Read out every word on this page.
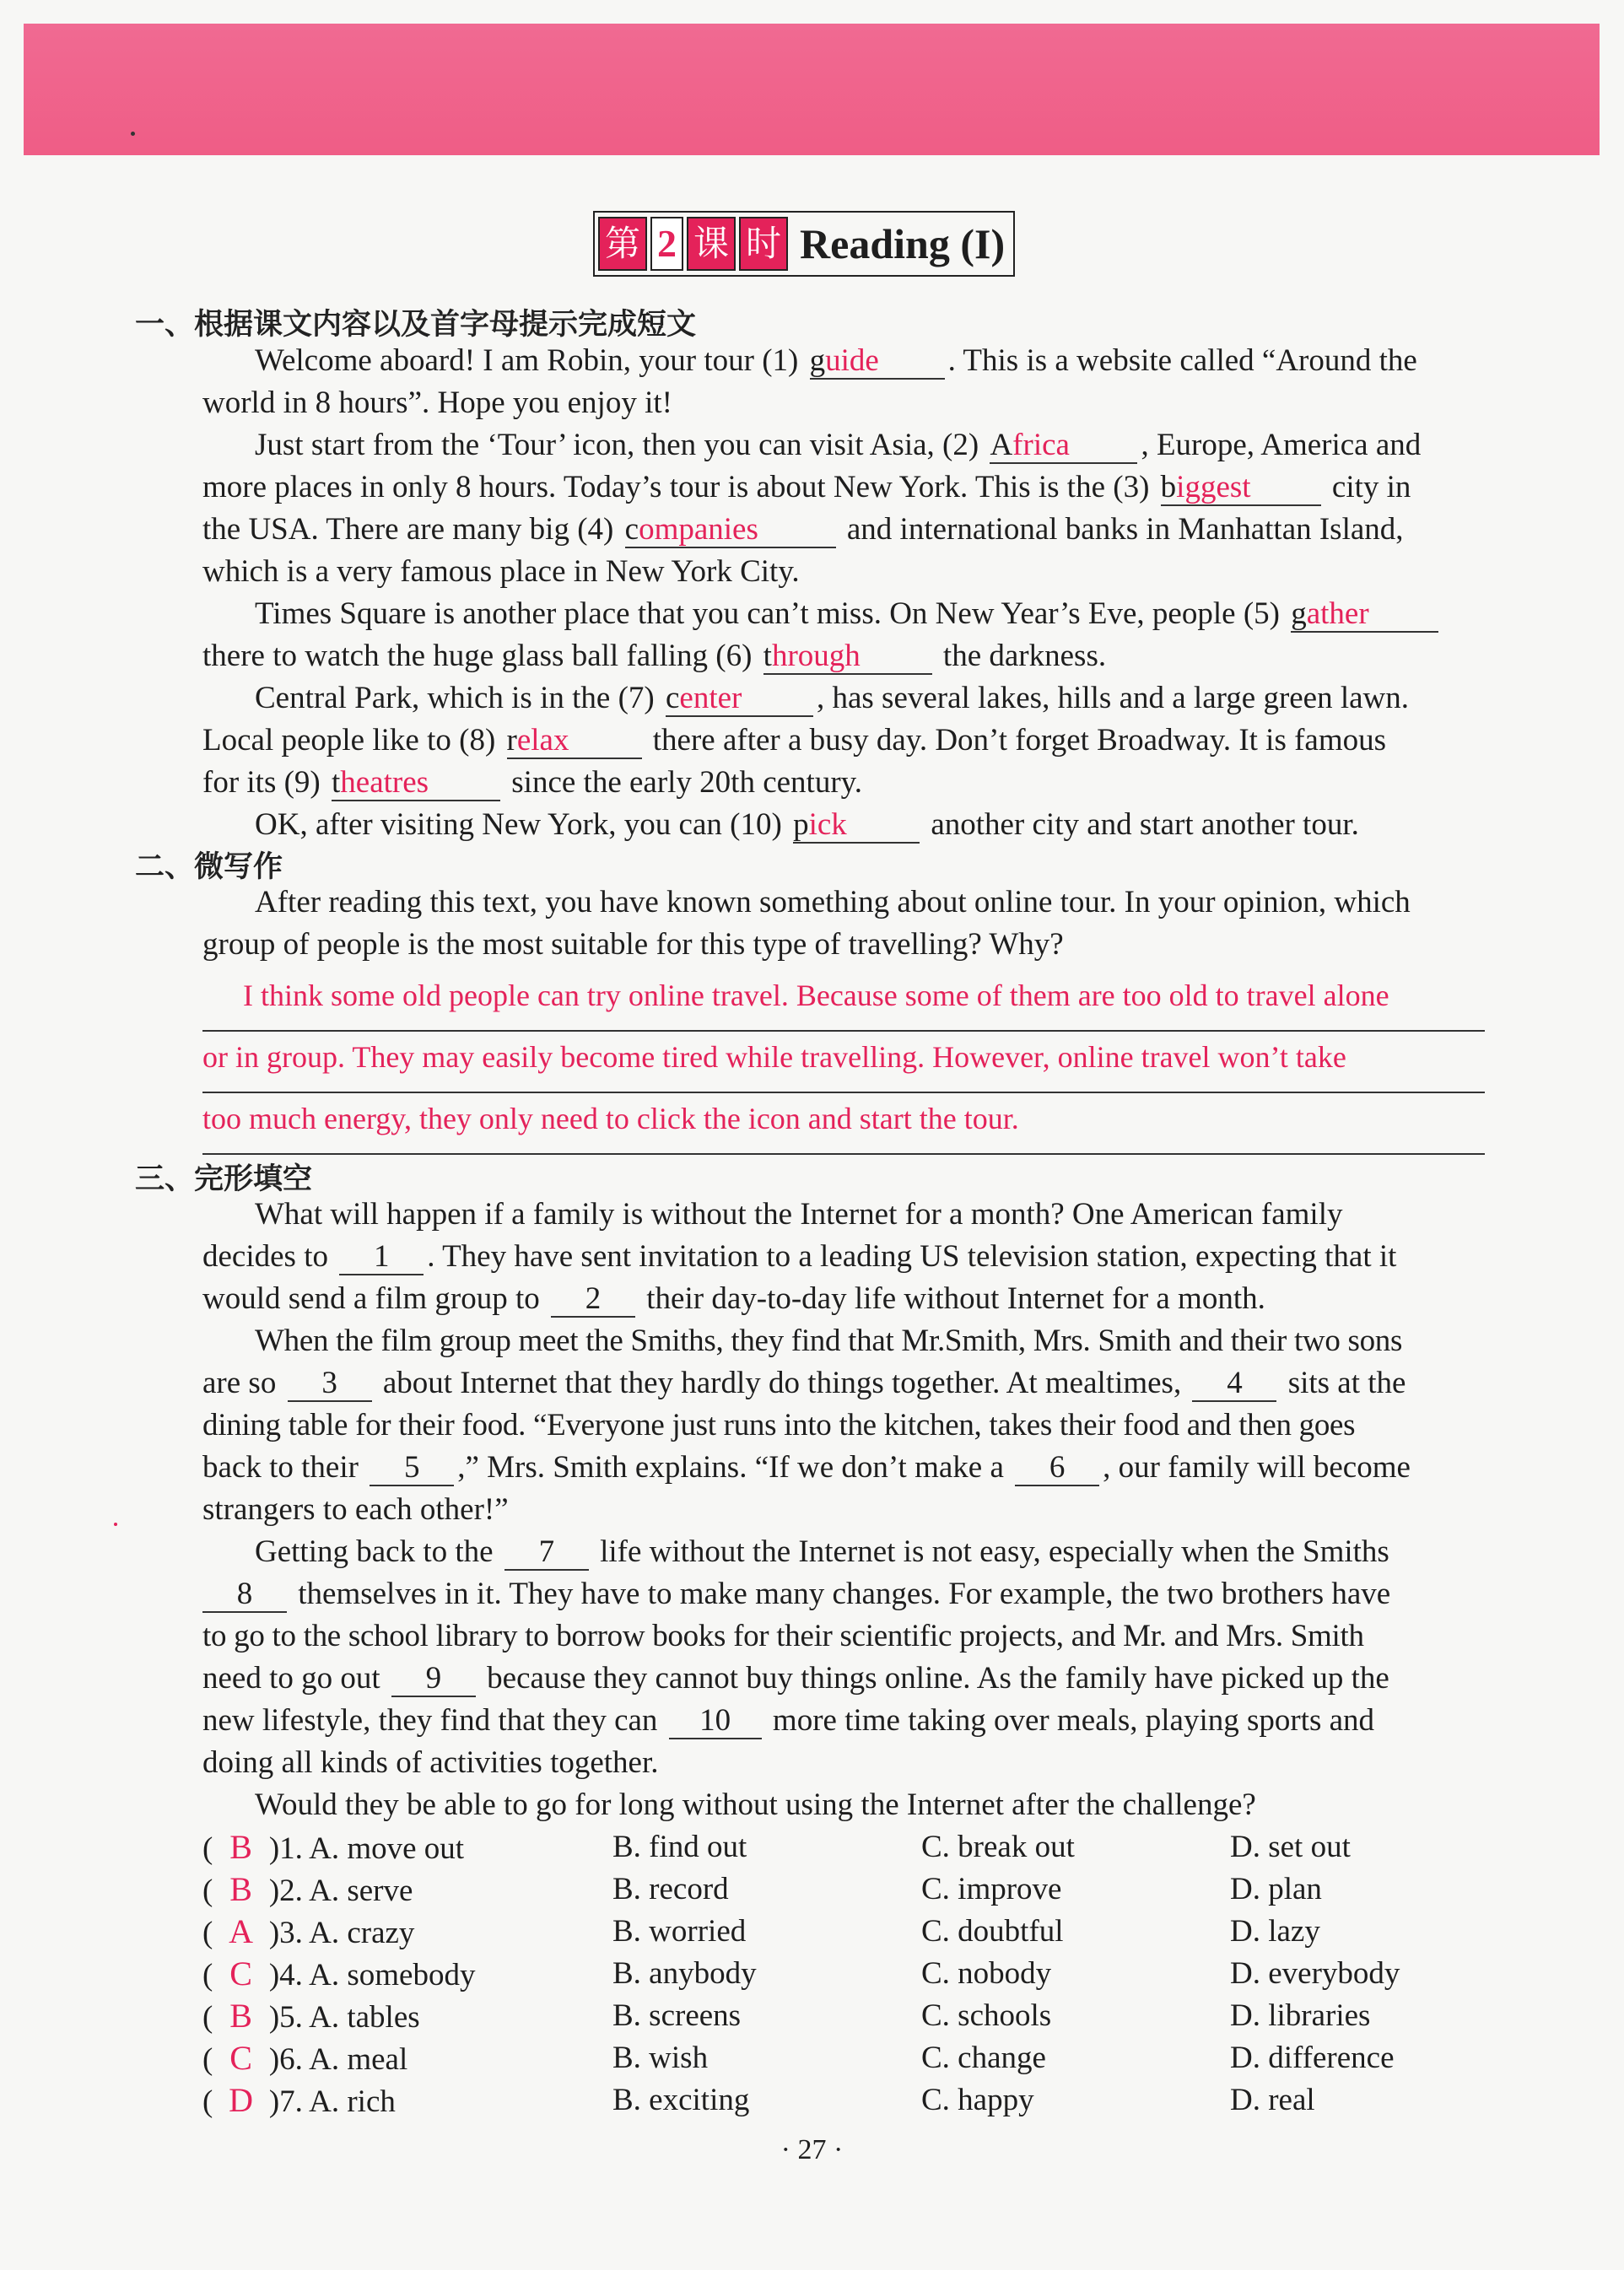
第 2 课 时 Reading (I)
一、根据课文内容以及首字母提示完成短文
Welcome aboard! I am Robin, your tour (1) guide . This is a website called “Around the
world in 8 hours”. Hope you enjoy it!
Just start from the ‘Tour’ icon, then you can visit Asia, (2) Africa , Europe, America and
more places in only 8 hours. Today’s tour is about New York. This is the (3) biggest city in
the USA. There are many big (4) companies	and international banks in Manhattan Island,
which is a very famous place in New York City.
Times Square is another place that you can’t miss. On New Year’s Eve, people (5) gather
there to watch the huge glass ball falling (6) through the darkness.
Central Park, which is in the (7) center , has several lakes, hills and a large green lawn.
Local people like to (8) relax there after a busy day. Don’t forget Broadway. It is famous
for its (9) theatres since the early 20th century.
OK, after visiting New York, you can (10) pick another city and start another tour.
二、微写作
After reading this text, you have known something about online tour. In your opinion, which
group of people is the most suitable for this type of travelling? Why?
I think some old people can try online travel. Because some of them are too old to travel alone
or in group. They may easily become tired while travelling. However, online travel won’t take
too much energy, they only need to click the icon and start the tour.
三、完形填空
What will happen if a family is without the Internet for a month? One American family
decides to 1 . They have sent invitation to a leading US television station, expecting that it
would send a film group to 2 their day-to-day life without Internet for a month.
When the film group meet the Smiths, they find that Mr.Smith, Mrs. Smith and their two sons
are so 3 about Internet that they hardly do things together. At mealtimes, 4 sits at the
dining table for their food. “Everyone just runs into the kitchen, takes their food and then goes
back to their 5 ,” Mrs. Smith explains. “If we don’t make a 6 , our family will become
strangers to each other!”
Getting back to the 7 life without the Internet is not easy, especially when the Smiths
8 themselves in it. They have to make many changes. For example, the two brothers have
to go to the school library to borrow books for their scientific projects, and Mr. and Mrs. Smith
need to go out 9 because they cannot buy things online. As the family have picked up the
new lifestyle, they find that they can 10 more time taking over meals, playing sports and
doing all kinds of activities together.
Would they be able to go for long without using the Internet after the challenge?
( B )1. A. move out	B. find out	C. break out	D. set out
( B )2. A. serve	B. record	C. improve	D. plan
( A )3. A. crazy	B. worried	C. doubtful	D. lazy
( C )4. A. somebody	B. anybody	C. nobody	D. everybody
( B )5. A. tables	B. screens	C. schools	D. libraries
( C )6. A. meal	B. wish	C. change	D. difference
( D )7. A. rich	B. exciting	C. happy	D. real
· 27 ·
